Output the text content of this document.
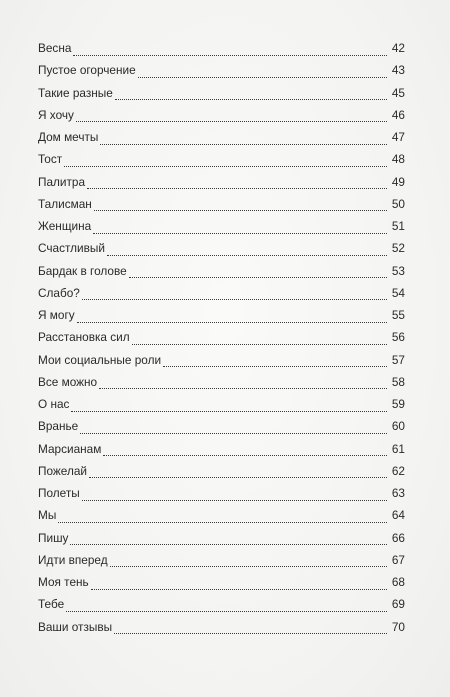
Весна	42
Пустое огорчение	43
Такие разные	45
Я хочу	46
Дом мечты	47
Тост	48
Палитра	49
Талисман	50
Женщина	51
Счастливый	52
Бардак в голове	53
Слабо?	54
Я могу	55
Расстановка сил	56
Мои социальные роли	57
Все можно	58
О нас	59
Вранье	60
Марсианам	61
Пожелай	62
Полеты	63
Мы	64
Пишу	66
Идти вперед	67
Моя тень	68
Тебе	69
Ваши отзывы	70
